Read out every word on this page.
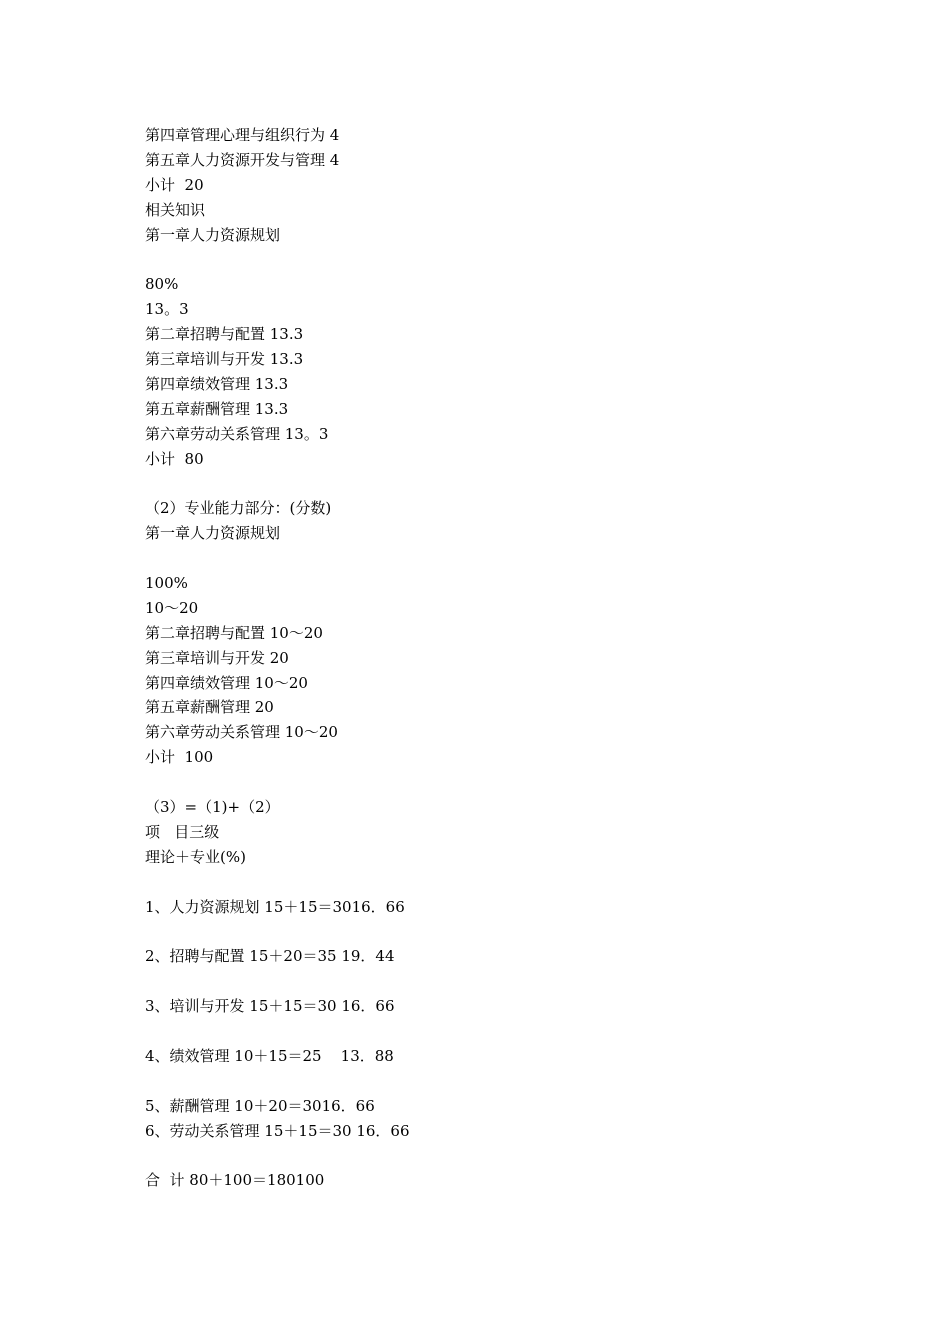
第四章管理心理与组织行为 4
第五章人力资源开发与管理 4
小计  20
相关知识
第一章人力资源规划
80%
13。3
第二章招聘与配置 13.3
第三章培训与开发 13.3
第四章绩效管理 13.3
第五章薪酬管理 13.3
第六章劳动关系管理 13。3
小计  80
（2）专业能力部分：(分数)
第一章人力资源规划
100%
10～20
第二章招聘与配置 10～20
第三章培训与开发 20
第四章绩效管理 10～20
第五章薪酬管理 20
第六章劳动关系管理 10～20
小计  100
（3）=（1)+（2）
项   目三级
理论＋专业(%)
1、人力资源规划 15＋15＝3016．66
2、招聘与配置 15＋20＝35 19．44
3、培训与开发 15＋15＝30 16．66
4、绩效管理 10＋15＝25    13．88
5、薪酬管理 10＋20＝3016．66
6、劳动关系管理 15＋15＝30 16．66
合  计 80＋100＝180100
